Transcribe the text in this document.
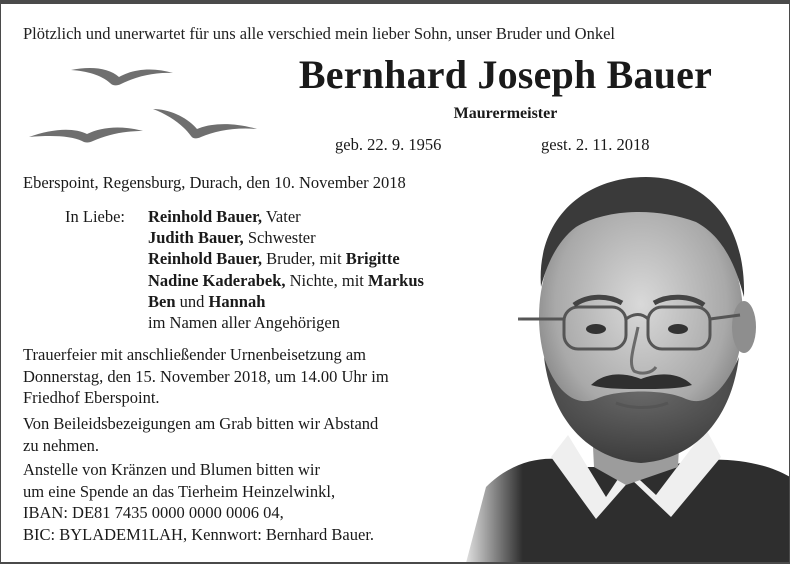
Plötzlich und unerwartet für uns alle verschied mein lieber Sohn, unser Bruder und Onkel
Bernhard Joseph Bauer
Maurermeister
geb. 22. 9. 1956	gest. 2. 11. 2018
Eberspoint, Regensburg, Durach, den 10. November 2018
In Liebe: Reinhold Bauer, Vater
Judith Bauer, Schwester
Reinhold Bauer, Bruder, mit Brigitte
Nadine Kaderabek, Nichte, mit Markus
Ben und Hannah
im Namen aller Angehörigen
Trauerfeier mit anschließender Urnenbeisetzung am
Donnerstag, den 15. November 2018, um 14.00 Uhr im
Friedhof Eberspoint.
Von Beileidsbezeigungen am Grab bitten wir Abstand
zu nehmen.
Anstelle von Kränzen und Blumen bitten wir
um eine Spende an das Tierheim Heinzelwinkl,
IBAN: DE81 7435 0000 0000 0006 04,
BIC: BYLADEM1LAH, Kennwort: Bernhard Bauer.
